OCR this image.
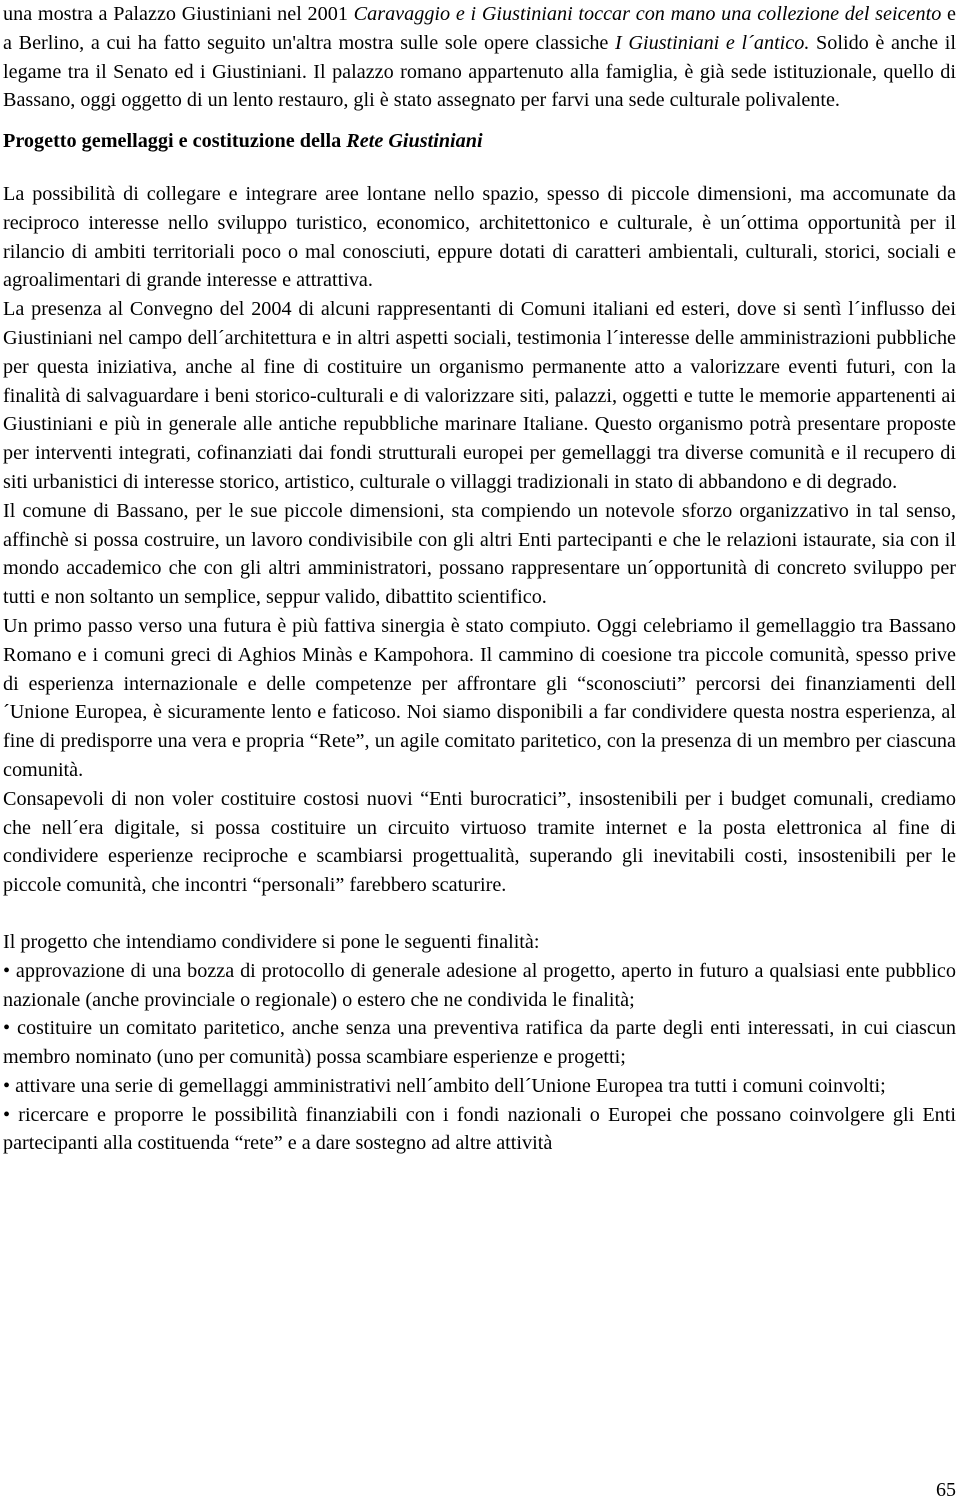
una mostra a Palazzo Giustiniani nel 2001 Caravaggio e i Giustiniani toccar con mano una collezione del seicento e a Berlino, a cui ha fatto seguito un'altra mostra sulle sole opere classiche I Giustiniani e l´antico. Solido è anche il legame tra il Senato ed i Giustiniani. Il palazzo romano appartenuto alla famiglia, è già sede istituzionale, quello di Bassano, oggi oggetto di un lento restauro, gli è stato assegnato per farvi una sede culturale polivalente.

Progetto gemellaggi e costituzione della Rete Giustiniani

La possibilità di collegare e integrare aree lontane nello spazio, spesso di piccole dimensioni, ma accomunate da reciproco interesse nello sviluppo turistico, economico, architettonico e culturale, è un´ottima opportunità per il rilancio di ambiti territoriali poco o mal conosciuti, eppure dotati di caratteri ambientali, culturali, storici, sociali e agroalimentari di grande interesse e attrattiva.

La presenza al Convegno del 2004 di alcuni rappresentanti di Comuni italiani ed esteri, dove si sentì l´influsso dei Giustiniani nel campo dell´architettura e in altri aspetti sociali, testimonia l´interesse delle amministrazioni pubbliche per questa iniziativa, anche al fine di costituire un organismo permanente atto a valorizzare eventi futuri, con la finalità di salvaguardare i beni storico-culturali e di valorizzare siti, palazzi, oggetti e tutte le memorie appartenenti ai Giustiniani e più in generale alle antiche repubbliche marinare Italiane. Questo organismo potrà presentare proposte per interventi integrati, cofinanziati dai fondi strutturali europei per gemellaggi tra diverse comunità e il recupero di siti urbanistici di interesse storico, artistico, culturale o villaggi tradizionali in stato di abbandono e di degrado.

Il comune di Bassano, per le sue piccole dimensioni, sta compiendo un notevole sforzo organizzativo in tal senso, affinchè si possa costruire, un lavoro condivisibile con gli altri Enti partecipanti e che le relazioni istaurate, sia con il mondo accademico che con gli altri amministratori, possano rappresentare un´opportunità di concreto sviluppo per tutti e non soltanto un semplice, seppur valido, dibattito scientifico.

Un primo passo verso una futura è più fattiva sinergia è stato compiuto. Oggi celebriamo il gemellaggio tra Bassano Romano e i comuni greci di Aghios Minàs e Kampohora. Il cammino di coesione tra piccole comunità, spesso prive di esperienza internazionale e delle competenze per affrontare gli “sconosciuti” percorsi dei finanziamenti dell´Unione Europea, è sicuramente lento e faticoso. Noi siamo disponibili a far condividere questa nostra esperienza, al fine di predisporre una vera e propria “Rete”, un agile comitato paritetico, con la presenza di un membro per ciascuna comunità.

Consapevoli di non voler costituire costosi nuovi “Enti burocratici”, insostenibili per i budget comunali, crediamo che nell´era digitale, si possa costituire un circuito virtuoso tramite internet e la posta elettronica al fine di condividere esperienze reciproche e scambiarsi progettualità, superando gli inevitabili costi, insostenibili per le piccole comunità, che incontri “personali” farebbero scaturire.

Il progetto che intendiamo condividere si pone le seguenti finalità:

• approvazione di una bozza di protocollo di generale adesione al progetto, aperto in futuro a qualsiasi ente pubblico nazionale (anche provinciale o regionale) o estero che ne condivida le finalità;

• costituire un comitato paritetico, anche senza una preventiva ratifica da parte degli enti interessati, in cui ciascun membro nominato (uno per comunità) possa scambiare esperienze e progetti;

• attivare una serie di gemellaggi amministrativi nell´ambito dell´Unione Europea tra tutti i comuni coinvolti;

• ricercare e proporre le possibilità finanziabili con i fondi nazionali o Europei che possano coinvolgere gli Enti partecipanti alla costituenda “rete” e a dare sostegno ad altre attività

65
